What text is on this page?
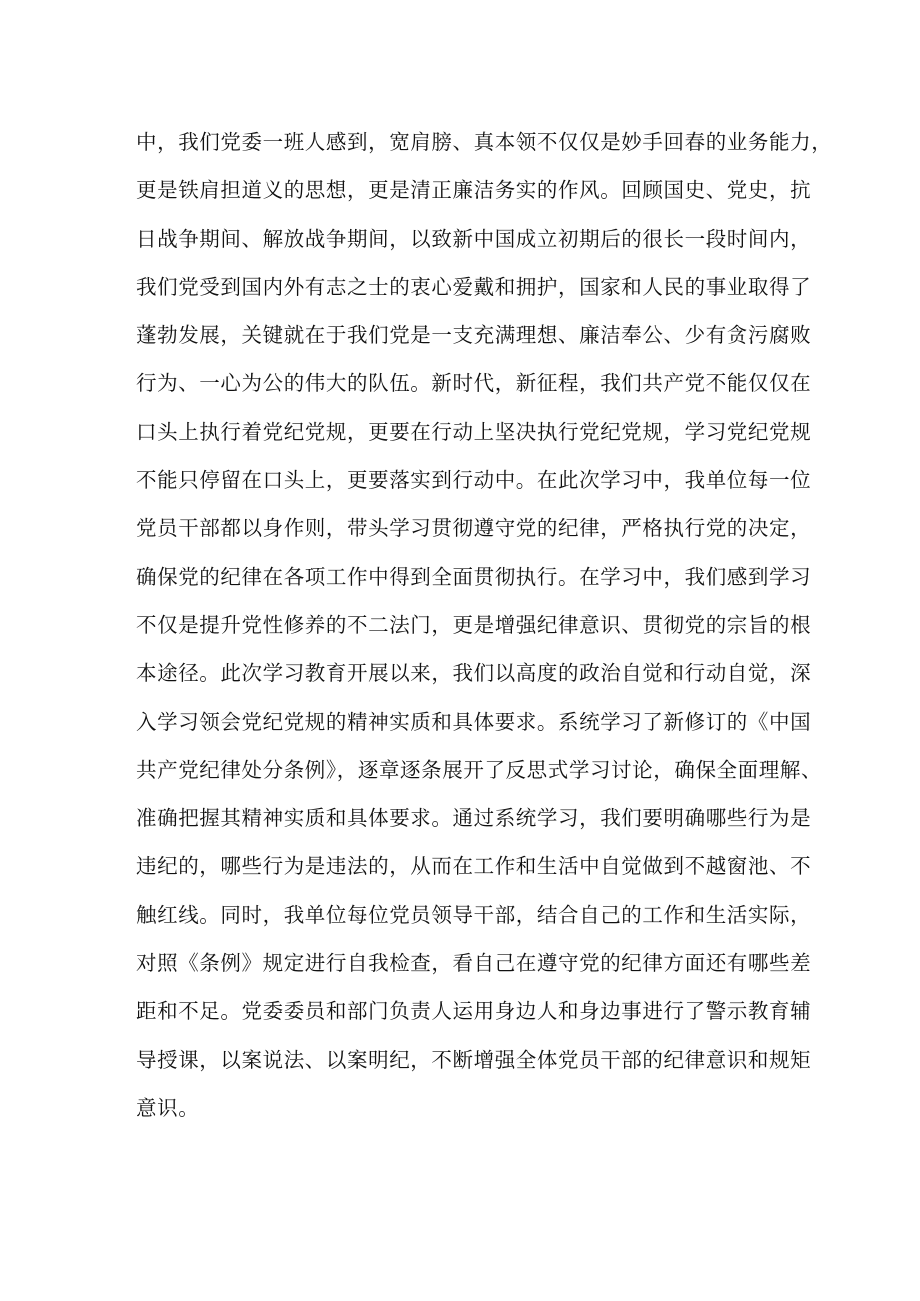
中，我们党委一班人感到，宽肩膀、真本领不仅仅是妙手回春的业务能力，
更是铁肩担道义的思想，更是清正廉洁务实的作风。回顾国史、党史，抗
日战争期间、解放战争期间，以致新中国成立初期后的很长一段时间内，
我们党受到国内外有志之士的衷心爱戴和拥护，国家和人民的事业取得了
蓬勃发展，关键就在于我们党是一支充满理想、廉洁奉公、少有贪污腐败
行为、一心为公的伟大的队伍。新时代，新征程，我们共产党不能仅仅在
口头上执行着党纪党规，更要在行动上坚决执行党纪党规，学习党纪党规
不能只停留在口头上，更要落实到行动中。在此次学习中，我单位每一位
党员干部都以身作则，带头学习贯彻遵守党的纪律，严格执行党的决定，
确保党的纪律在各项工作中得到全面贯彻执行。在学习中，我们感到学习
不仅是提升党性修养的不二法门，更是增强纪律意识、贯彻党的宗旨的根
本途径。此次学习教育开展以来，我们以高度的政治自觉和行动自觉，深
入学习领会党纪党规的精神实质和具体要求。系统学习了新修订的《中国
共产党纪律处分条例》，逐章逐条展开了反思式学习讨论，确保全面理解、
准确把握其精神实质和具体要求。通过系统学习，我们要明确哪些行为是
违纪的，哪些行为是违法的，从而在工作和生活中自觉做到不越窗池、不
触红线。同时，我单位每位党员领导干部，结合自己的工作和生活实际，
对照《条例》规定进行自我检查，看自己在遵守党的纪律方面还有哪些差
距和不足。党委委员和部门负责人运用身边人和身边事进行了警示教育辅
导授课，以案说法、以案明纪，不断增强全体党员干部的纪律意识和规矩
意识。
